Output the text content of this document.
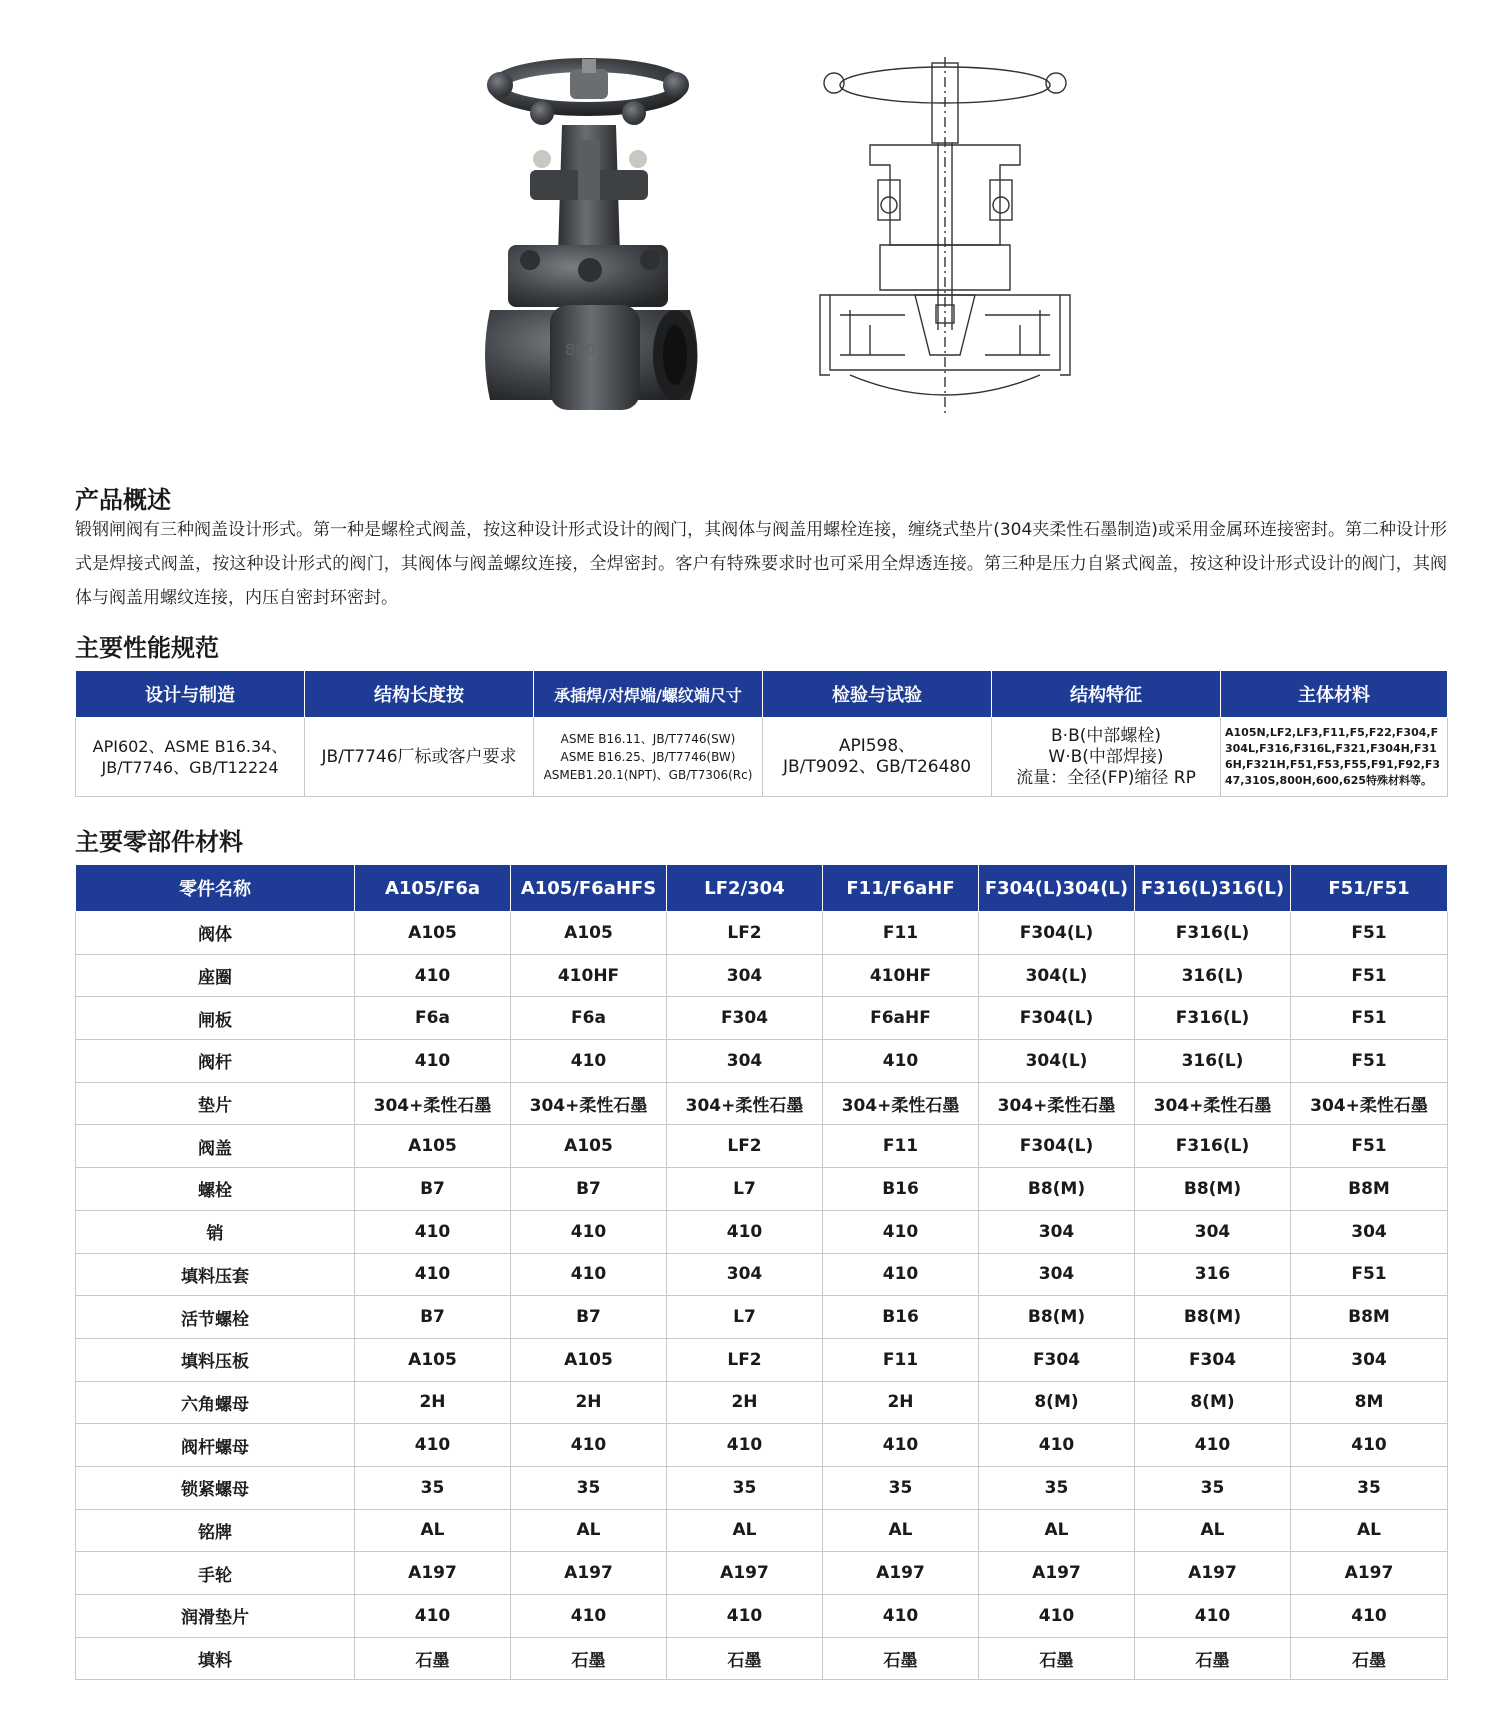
800
产品概述

锻钢闸阀有三种阀盖设计形式。第一种是螺栓式阀盖，按这种设计形式设计的阀门，其阀体与阀盖用螺栓连接，缠绕式垫片(304夹柔性石墨制造)或采用金属环连接密封。第二种设计形式是焊接式阀盖，按这种设计形式的阀门，其阀体与阀盖螺纹连接，全焊密封。客户有特殊要求时也可采用全焊透连接。第三种是压力自紧式阀盖，按这种设计形式设计的阀门，其阀体与阀盖用螺纹连接，内压自密封环密封。

主要性能规范
设计与制造	结构长度按	承插焊/对焊端/螺纹端尺寸	检验与试验	结构特征	主体材料

API602、ASME B16.34、
JB/T7746、GB/T12224	JB/T7746厂标或客户要求	ASME B16.11、JB/T7746(SW)
ASME B16.25、JB/T7746(BW)
ASMEB1.20.1(NPT)、GB/T7306(Rc)	API598、
JB/T9092、GB/T26480	B·B(中部螺栓)
W·B(中部焊接)
流量：全径(FP)缩径 RP	A105N,LF2,LF3,F11,F5,F22,F304,F304L,F316,F316L,F321,F304H,F316H,F321H,F51,F53,F55,F91,F92,F347,310S,800H,600,625特殊材料等。
主要零部件材料
零件名称	A105/F6a	A105/F6aHFS	LF2/304	F11/F6aHF	F304(L)304(L)	F316(L)316(L)	F51/F51
阀体	A105	A105	LF2	F11	F304(L)	F316(L)	F51
座圈	410	410HF	304	410HF	304(L)	316(L)	F51
闸板	F6a	F6a	F304	F6aHF	F304(L)	F316(L)	F51
阀杆	410	410	304	410	304(L)	316(L)	F51
垫片	304+柔性石墨	304+柔性石墨	304+柔性石墨	304+柔性石墨	304+柔性石墨	304+柔性石墨	304+柔性石墨
阀盖	A105	A105	LF2	F11	F304(L)	F316(L)	F51
螺栓	B7	B7	L7	B16	B8(M)	B8(M)	B8M
销	410	410	410	410	304	304	304
填料压套	410	410	304	410	304	316	F51
活节螺栓	B7	B7	L7	B16	B8(M)	B8(M)	B8M
填料压板	A105	A105	LF2	F11	F304	F304	304
六角螺母	2H	2H	2H	2H	8(M)	8(M)	8M
阀杆螺母	410	410	410	410	410	410	410
锁紧螺母	35	35	35	35	35	35	35
铭牌	AL	AL	AL	AL	AL	AL	AL
手轮	A197	A197	A197	A197	A197	A197	A197
润滑垫片	410	410	410	410	410	410	410
填料	石墨	石墨	石墨	石墨	石墨	石墨	石墨
